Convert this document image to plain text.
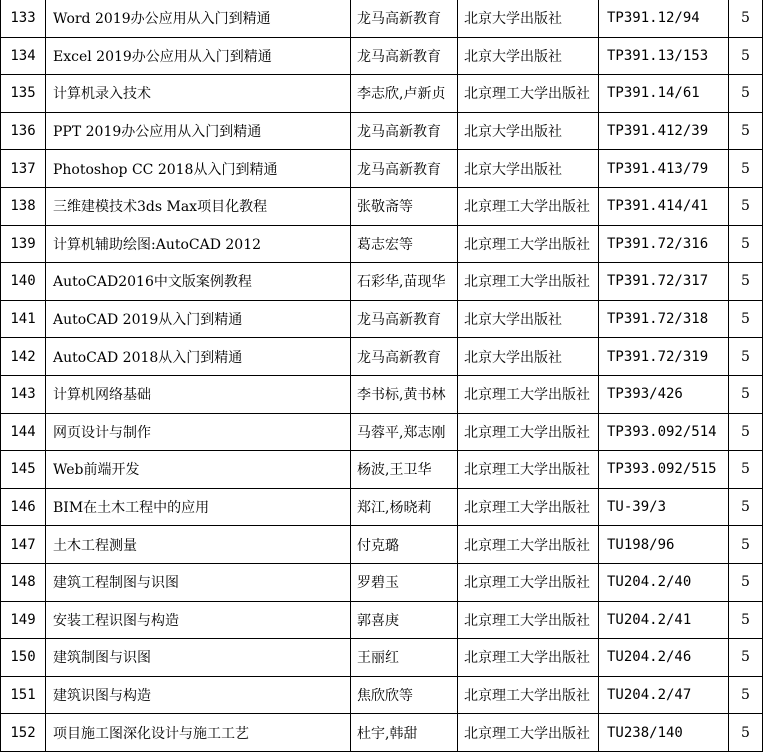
133	Word 2019办公应用从入门到精通	龙马高新教育	北京大学出版社	TP391.12/94	5
134	Excel 2019办公应用从入门到精通	龙马高新教育	北京大学出版社	TP391.13/153	5
135	计算机录入技术	李志欣,卢新贞	北京理工大学出版社	TP391.14/61	5
136	PPT 2019办公应用从入门到精通	龙马高新教育	北京大学出版社	TP391.412/39	5
137	Photoshop CC 2018从入门到精通	龙马高新教育	北京大学出版社	TP391.413/79	5
138	三维建模技术3ds Max项目化教程	张敬斋等	北京理工大学出版社	TP391.414/41	5
139	计算机辅助绘图:AutoCAD 2012	葛志宏等	北京理工大学出版社	TP391.72/316	5
140	AutoCAD2016中文版案例教程	石彩华,苗现华	北京理工大学出版社	TP391.72/317	5
141	AutoCAD 2019从入门到精通	龙马高新教育	北京大学出版社	TP391.72/318	5
142	AutoCAD 2018从入门到精通	龙马高新教育	北京大学出版社	TP391.72/319	5
143	计算机网络基础	李书标,黄书林	北京理工大学出版社	TP393/426	5
144	网页设计与制作	马蓉平,郑志刚	北京理工大学出版社	TP393.092/514	5
145	Web前端开发	杨波,王卫华	北京理工大学出版社	TP393.092/515	5
146	BIM在土木工程中的应用	郑江,杨晓莉	北京理工大学出版社	TU-39/3	5
147	土木工程测量	付克璐	北京理工大学出版社	TU198/96	5
148	建筑工程制图与识图	罗碧玉	北京理工大学出版社	TU204.2/40	5
149	安装工程识图与构造	郭喜庚	北京理工大学出版社	TU204.2/41	5
150	建筑制图与识图	王丽红	北京理工大学出版社	TU204.2/46	5
151	建筑识图与构造	焦欣欣等	北京理工大学出版社	TU204.2/47	5
152	项目施工图深化设计与施工工艺	杜宇,韩甜	北京理工大学出版社	TU238/140	5
